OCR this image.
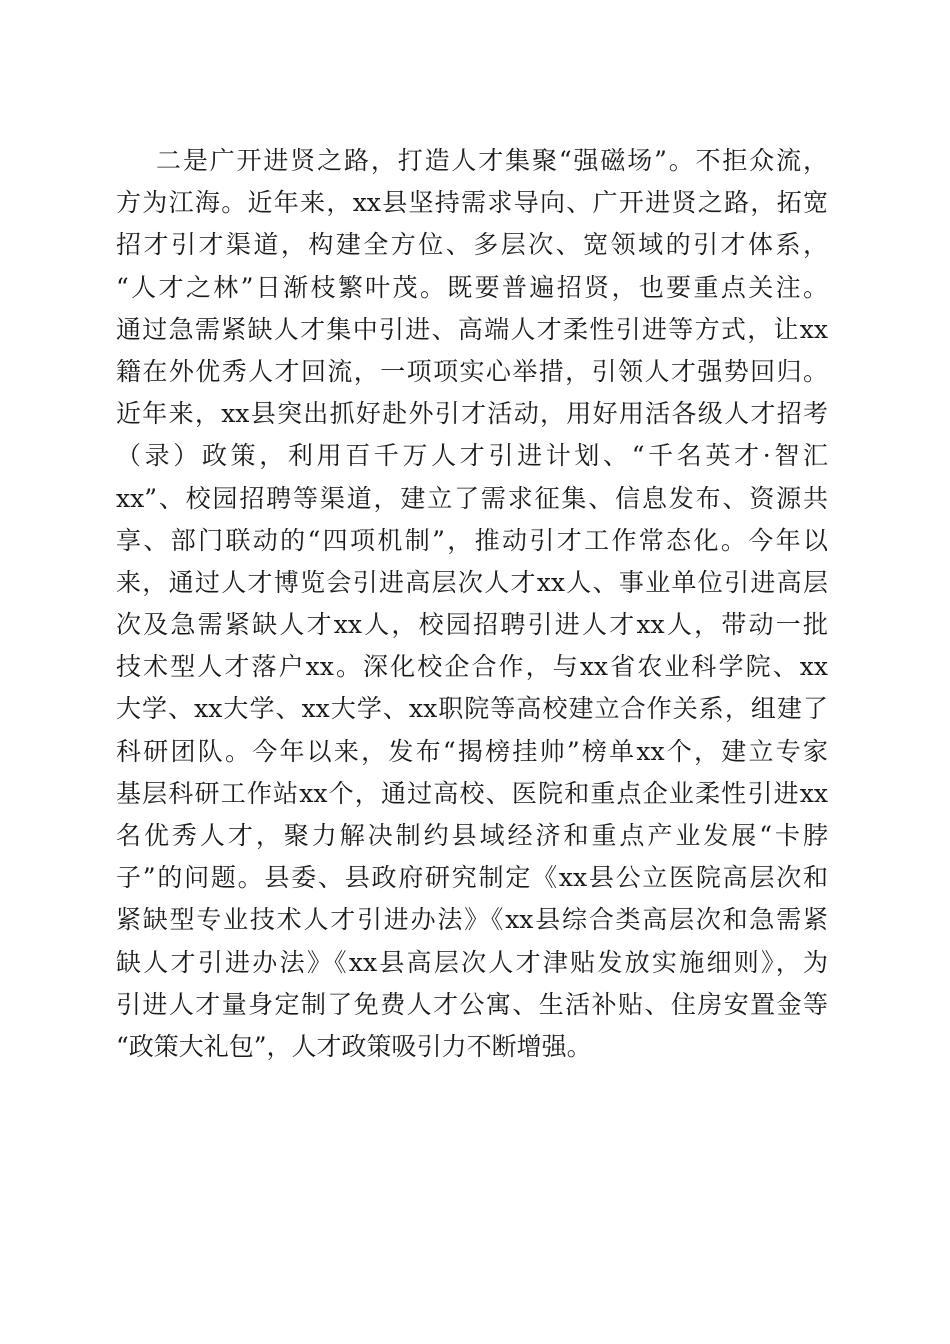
二是广开进贤之路，打造人才集聚“强磁场”。不拒众流，
方为江海。近年来，xx县坚持需求导向、广开进贤之路，拓宽
招才引才渠道，构建全方位、多层次、宽领域的引才体系，
“人才之林”日渐枝繁叶茂。既要普遍招贤，也要重点关注。
通过急需紧缺人才集中引进、高端人才柔性引进等方式，让xx
籍在外优秀人才回流，一项项实心举措，引领人才强势回归。
近年来，xx县突出抓好赴外引才活动，用好用活各级人才招考
（录）政策，利用百千万人才引进计划、“千名英才·智汇
xx”、校园招聘等渠道，建立了需求征集、信息发布、资源共
享、部门联动的“四项机制”，推动引才工作常态化。今年以
来，通过人才博览会引进高层次人才xx人、事业单位引进高层
次及急需紧缺人才xx人，校园招聘引进人才xx人，带动一批
技术型人才落户xx。深化校企合作，与xx省农业科学院、xx
大学、xx大学、xx大学、xx职院等高校建立合作关系，组建了
科研团队。今年以来，发布“揭榜挂帅”榜单xx个，建立专家
基层科研工作站xx个，通过高校、医院和重点企业柔性引进xx
名优秀人才，聚力解决制约县域经济和重点产业发展“卡脖
子”的问题。县委、县政府研究制定《xx县公立医院高层次和
紧缺型专业技术人才引进办法》《xx县综合类高层次和急需紧
缺人才引进办法》《xx县高层次人才津贴发放实施细则》，为
引进人才量身定制了免费人才公寓、生活补贴、住房安置金等
“政策大礼包”，人才政策吸引力不断增强。
